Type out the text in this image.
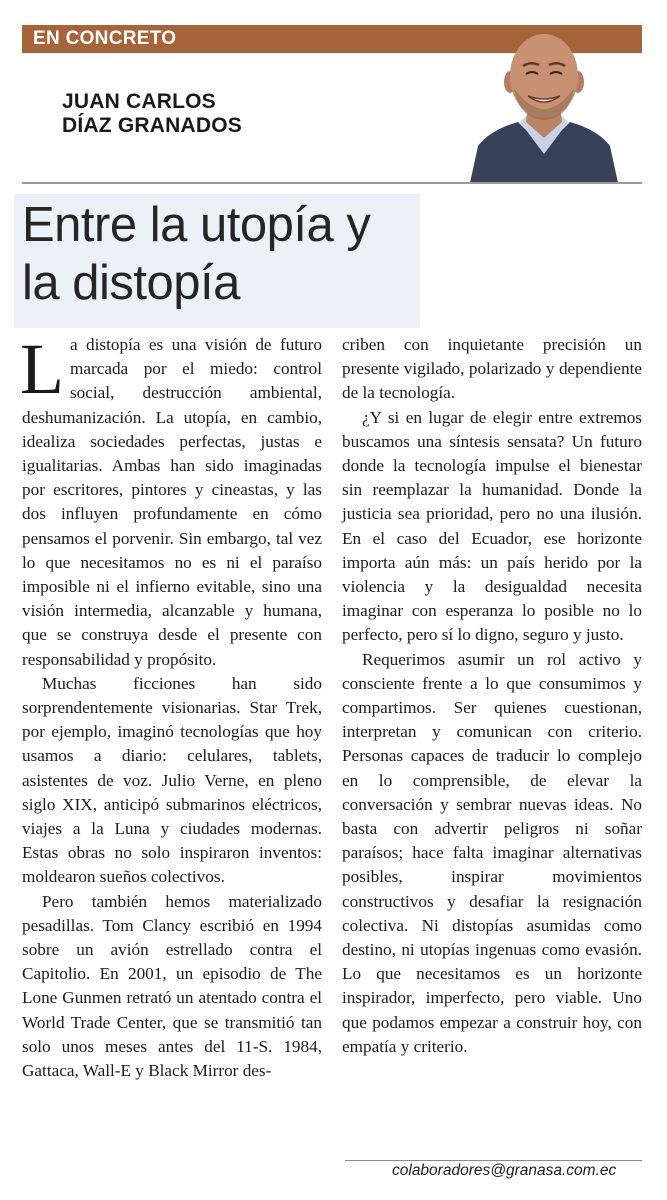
EN CONCRETO
JUAN CARLOS
DÍAZ GRANADOS
Entre la utopía y
la distopía

La distopía es una visión de futuro marcada por el miedo: control social, destrucción ambiental, deshumanización. La utopía, en cambio, idealiza sociedades perfectas, justas e igualitarias. Ambas han sido imaginadas por escritores, pintores y cineastas, y las dos influyen profundamente en cómo pensamos el porvenir. Sin embargo, tal vez lo que necesitamos no es ni el paraíso imposible ni el infierno evitable, sino una visión intermedia, alcanzable y humana, que se construya desde el presente con responsabilidad y propósito.

Muchas ficciones han sido sorprendentemente visionarias. Star Trek, por ejemplo, imaginó tecnologías que hoy usamos a diario: celulares, tablets, asistentes de voz. Julio Verne, en pleno siglo XIX, anticipó submarinos eléctricos, viajes a la Luna y ciudades modernas. Estas obras no solo inspiraron inventos: moldearon sueños colectivos.

Pero también hemos materializado pesadillas. Tom Clancy escribió en 1994 sobre un avión estrellado contra el Capitolio. En 2001, un episodio de The Lone Gunmen retrató un atentado contra el World Trade Center, que se transmitió tan solo unos meses antes del 11-S. 1984, Gattaca, Wall-E y Black Mirror des-

criben con inquietante precisión un presente vigilado, polarizado y dependiente de la tecnología.

¿Y si en lugar de elegir entre extremos buscamos una síntesis sensata? Un futuro donde la tecnología impulse el bienestar sin reemplazar la humanidad. Donde la justicia sea prioridad, pero no una ilusión. En el caso del Ecuador, ese horizonte importa aún más: un país herido por la violencia y la desigualdad necesita imaginar con esperanza lo posible no lo perfecto, pero sí lo digno, seguro y justo.

Requerimos asumir un rol activo y consciente frente a lo que consumimos y compartimos. Ser quienes cuestionan, interpretan y comunican con criterio. Personas capaces de traducir lo complejo en lo comprensible, de elevar la conversación y sembrar nuevas ideas. No basta con advertir peligros ni soñar paraísos; hace falta imaginar alternativas posibles, inspirar movimientos constructivos y desafiar la resignación colectiva. Ni distopías asumidas como destino, ni utopías ingenuas como evasión. Lo que necesitamos es un horizonte inspirador, imperfecto, pero viable. Uno que podamos empezar a construir hoy, con empatía y criterio.

colaboradores@granasa.com.ec
